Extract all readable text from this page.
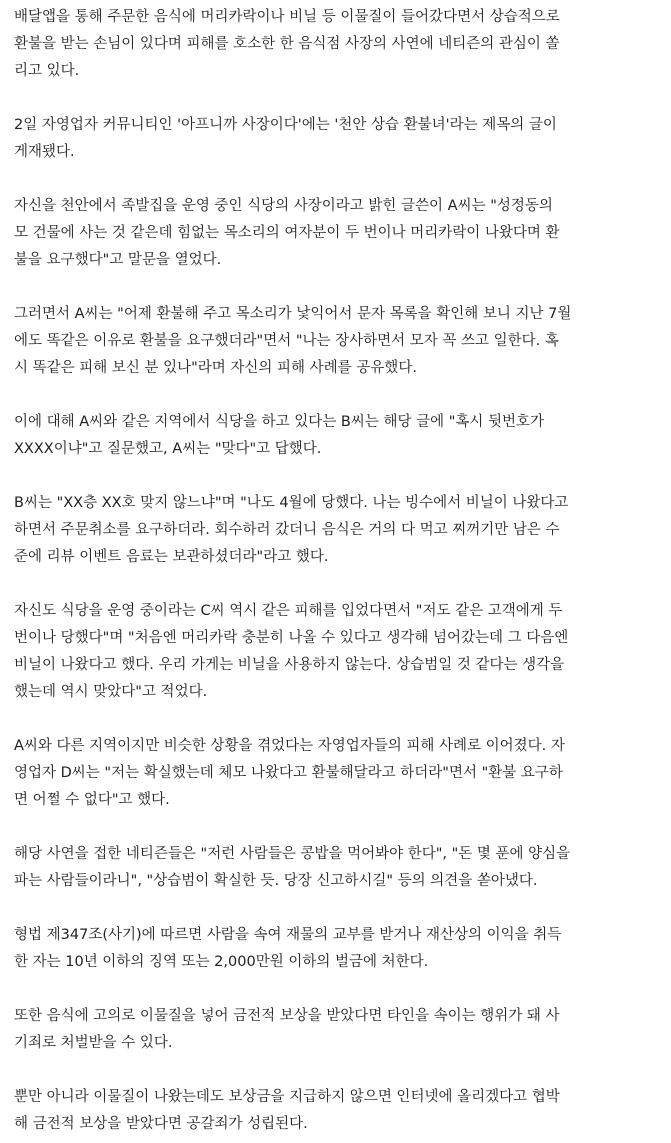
배달앱을 통해 주문한 음식에 머리카락이나 비닐 등 이물질이 들어갔다면서 상습적으로
환불을 받는 손님이 있다며 피해를 호소한 한 음식점 사장의 사연에 네티즌의 관심이 쏠
리고 있다.

2일 자영업자 커뮤니티인 '아프니까 사장이다'에는 '천안 상습 환불녀'라는 제목의 글이
게재됐다.

자신을 천안에서 족발집을 운영 중인 식당의 사장이라고 밝힌 글쓴이 A씨는 "성정동의
모 건물에 사는 것 같은데 힘없는 목소리의 여자분이 두 번이나 머리카락이 나왔다며 환
불을 요구했다"고 말문을 열었다.

그러면서 A씨는 "어제 환불해 주고 목소리가 낯익어서 문자 목록을 확인해 보니 지난 7월
에도 똑같은 이유로 환불을 요구했더라"면서 "나는 장사하면서 모자 꼭 쓰고 일한다. 혹
시 똑같은 피해 보신 분 있나"라며 자신의 피해 사례를 공유했다.

이에 대해 A씨와 같은 지역에서 식당을 하고 있다는 B씨는 해당 글에 "혹시 뒷번호가
XXXX이냐"고 질문했고, A씨는 "맞다"고 답했다.

B씨는 "XX층 XX호 맞지 않느냐"며 "나도 4월에 당했다. 나는 빙수에서 비닐이 나왔다고
하면서 주문취소를 요구하더라. 회수하러 갔더니 음식은 거의 다 먹고 찌꺼기만 남은 수
준에 리뷰 이벤트 음료는 보관하셨더라"라고 했다.

자신도 식당을 운영 중이라는 C씨 역시 같은 피해를 입었다면서 "저도 같은 고객에게 두
번이나 당했다"며 "처음엔 머리카락 충분히 나올 수 있다고 생각해 넘어갔는데 그 다음엔
비닐이 나왔다고 했다. 우리 가게는 비닐을 사용하지 않는다. 상습범일 것 같다는 생각을
했는데 역시 맞았다"고 적었다.

A씨와 다른 지역이지만 비슷한 상황을 겪었다는 자영업자들의 피해 사례로 이어졌다. 자
영업자 D씨는 "저는 확실했는데 체모 나왔다고 환불해달라고 하더라"면서 "환불 요구하
면 어쩔 수 없다"고 했다.

해당 사연을 접한 네티즌들은 "저런 사람들은 콩밥을 먹어봐야 한다", "돈 몇 푼에 양심을
파는 사람들이라니", "상습범이 확실한 듯. 당장 신고하시길" 등의 의견을 쏟아냈다.

형법 제347조(사기)에 따르면 사람을 속여 재물의 교부를 받거나 재산상의 이익을 취득
한 자는 10년 이하의 징역 또는 2,000만원 이하의 벌금에 처한다.

또한 음식에 고의로 이물질을 넣어 금전적 보상을 받았다면 타인을 속이는 행위가 돼 사
기죄로 처벌받을 수 있다.

뿐만 아니라 이물질이 나왔는데도 보상금을 지급하지 않으면 인터넷에 올리겠다고 협박
해 금전적 보상을 받았다면 공갈죄가 성립된다.
